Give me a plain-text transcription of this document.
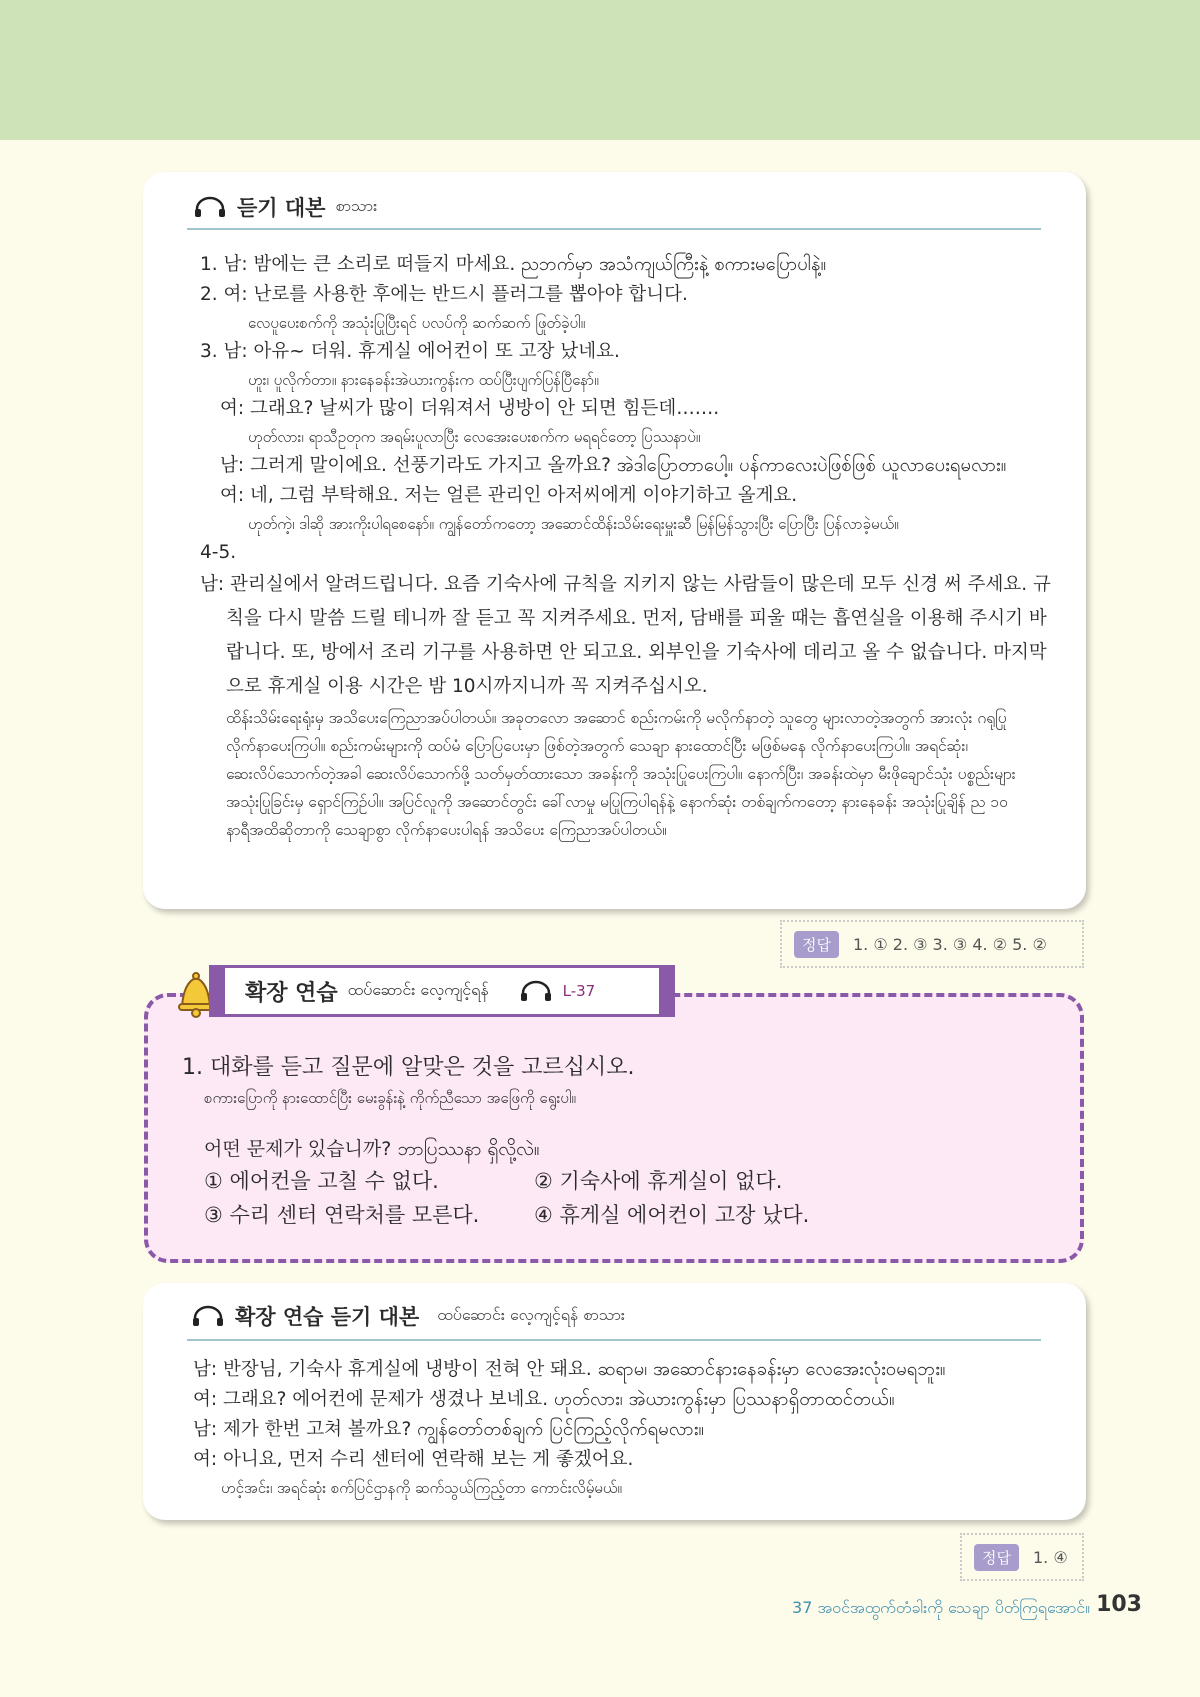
듣기 대본 စာသား
1. 남: 밤에는 큰 소리로 떠들지 마세요. ညဘက်မှာ အသံကျယ်ကြီးနဲ့ စကားမပြောပါနဲ့။
2. 여: 난로를 사용한 후에는 반드시 플러그를 뽑아야 합니다.
လေပူပေးစက်ကို အသုံးပြုပြီးရင် ပလပ်ကို ဆက်ဆက် ဖြုတ်ခဲ့ပါ။
3. 남: 아유~ 더워. 휴게실 에어컨이 또 고장 났네요.
ဟူး၊ ပူလိုက်တာ။ နားနေခန်းအဲယားကွန်းက ထပ်ပြီးပျက်ပြန်ပြီနော်။
여: 그래요? 날씨가 많이 더워져서 냉방이 안 되면 힘든데…….
ဟုတ်လား၊ ရာသီဥတုက အရမ်းပူလာပြီး လေအေးပေးစက်က မရရင်တော့ ပြဿနာပဲ။
남: 그러게 말이에요. 선풍기라도 가지고 올까요? အဲဒါပြောတာပေါ့။ ပန်ကာလေးပဲဖြစ်ဖြစ် ယူလာပေးရမလား။
여: 네, 그럼 부탁해요. 저는 얼른 관리인 아저씨에게 이야기하고 올게요.
ဟုတ်ကဲ့၊ ဒါဆို အားကိုးပါရစေနော်။ ကျွန်တော်ကတော့ အဆောင်ထိန်းသိမ်းရေးမှူးဆီ မြန်မြန်သွားပြီး ပြောပြီး ပြန်လာခဲ့မယ်။
4-5.
남: 관리실에서 알려드립니다. 요즘 기숙사에 규칙을 지키지 않는 사람들이 많은데 모두 신경 써 주세요. 규칙을 다시 말씀 드릴 테니까 잘 듣고 꼭 지켜주세요. 먼저, 담배를 피울 때는 흡연실을 이용해 주시기 바랍니다. 또, 방에서 조리 기구를 사용하면 안 되고요. 외부인을 기숙사에 데리고 올 수 없습니다. 마지막으로 휴게실 이용 시간은 밤 10시까지니까 꼭 지켜주십시오.
ထိန်းသိမ်းရေးရုံးမှ အသိပေးကြေညာအပ်ပါတယ်။ အခုတလော အဆောင် စည်းကမ်းကို မလိုက်နာတဲ့ သူတွေ များလာတဲ့အတွက် အားလုံး ဂရုပြုလိုက်နာပေးကြပါ။ စည်းကမ်းများကို ထပ်မံ ပြောပြပေးမှာ ဖြစ်တဲ့အတွက် သေချာ နားထောင်ပြီး မဖြစ်မနေ လိုက်နာပေးကြပါ။ အရင်ဆုံး၊ ဆေးလိပ်သောက်တဲ့အခါ ဆေးလိပ်သောက်ဖို့ သတ်မှတ်ထားသော အခန်းကို အသုံးပြုပေးကြပါ။ နောက်ပြီး၊ အခန်းထဲမှာ မီးဖိုချောင်သုံး ပစ္စည်းများ အသုံးပြုခြင်းမှ ရှောင်ကြဉ်ပါ။ အပြင်လူကို အဆောင်တွင်း ခေါ်လာမှု မပြုကြပါရန်နဲ့ နောက်ဆုံး တစ်ချက်ကတော့ နားနေခန်း အသုံးပြုချိန် ည ၁၀ နာရီအထိဆိုတာကို သေချာစွာ လိုက်နာပေးပါရန် အသိပေး ကြေညာအပ်ပါတယ်။
정답	1. ① 2. ③ 3. ③ 4. ② 5. ②
1. 대화를 듣고 질문에 알맞은 것을 고르십시오.
စကားပြောကို နားထောင်ပြီး မေးခွန်းနဲ့ ကိုက်ညီသော အဖြေကို ရွေးပါ။
어떤 문제가 있습니까? ဘာပြဿနာ ရှိလို့လဲ။
① 에어컨을 고칠 수 없다.	② 기숙사에 휴게실이 없다.
③ 수리 센터 연락처를 모른다.	④ 휴게실 에어컨이 고장 났다.
확장 연습 ထပ်ဆောင်း လေ့ကျင့်ရန်	L-37
확장 연습 듣기 대본 ထပ်ဆောင်း လေ့ကျင့်ရန် စာသား
남: 반장님, 기숙사 휴게실에 냉방이 전혀 안 돼요. ဆရာမ၊ အဆောင်နားနေခန်းမှာ လေအေးလုံးဝမရဘူး။
여: 그래요? 에어컨에 문제가 생겼나 보네요. ဟုတ်လား၊ အဲယားကွန်းမှာ ပြဿနာရှိတာထင်တယ်။
남: 제가 한번 고쳐 볼까요? ကျွန်တော်တစ်ချက် ပြင်ကြည့်လိုက်ရမလား။
여: 아니요, 먼저 수리 센터에 연락해 보는 게 좋겠어요.
ဟင့်အင်း၊ အရင်ဆုံး စက်ပြင်ဌာနကို ဆက်သွယ်ကြည့်တာ ကောင်းလိမ့်မယ်။
정답	1. ④
37 အဝင်အထွက်တံခါးကို သေချာ ပိတ်ကြရအောင်။ 103
